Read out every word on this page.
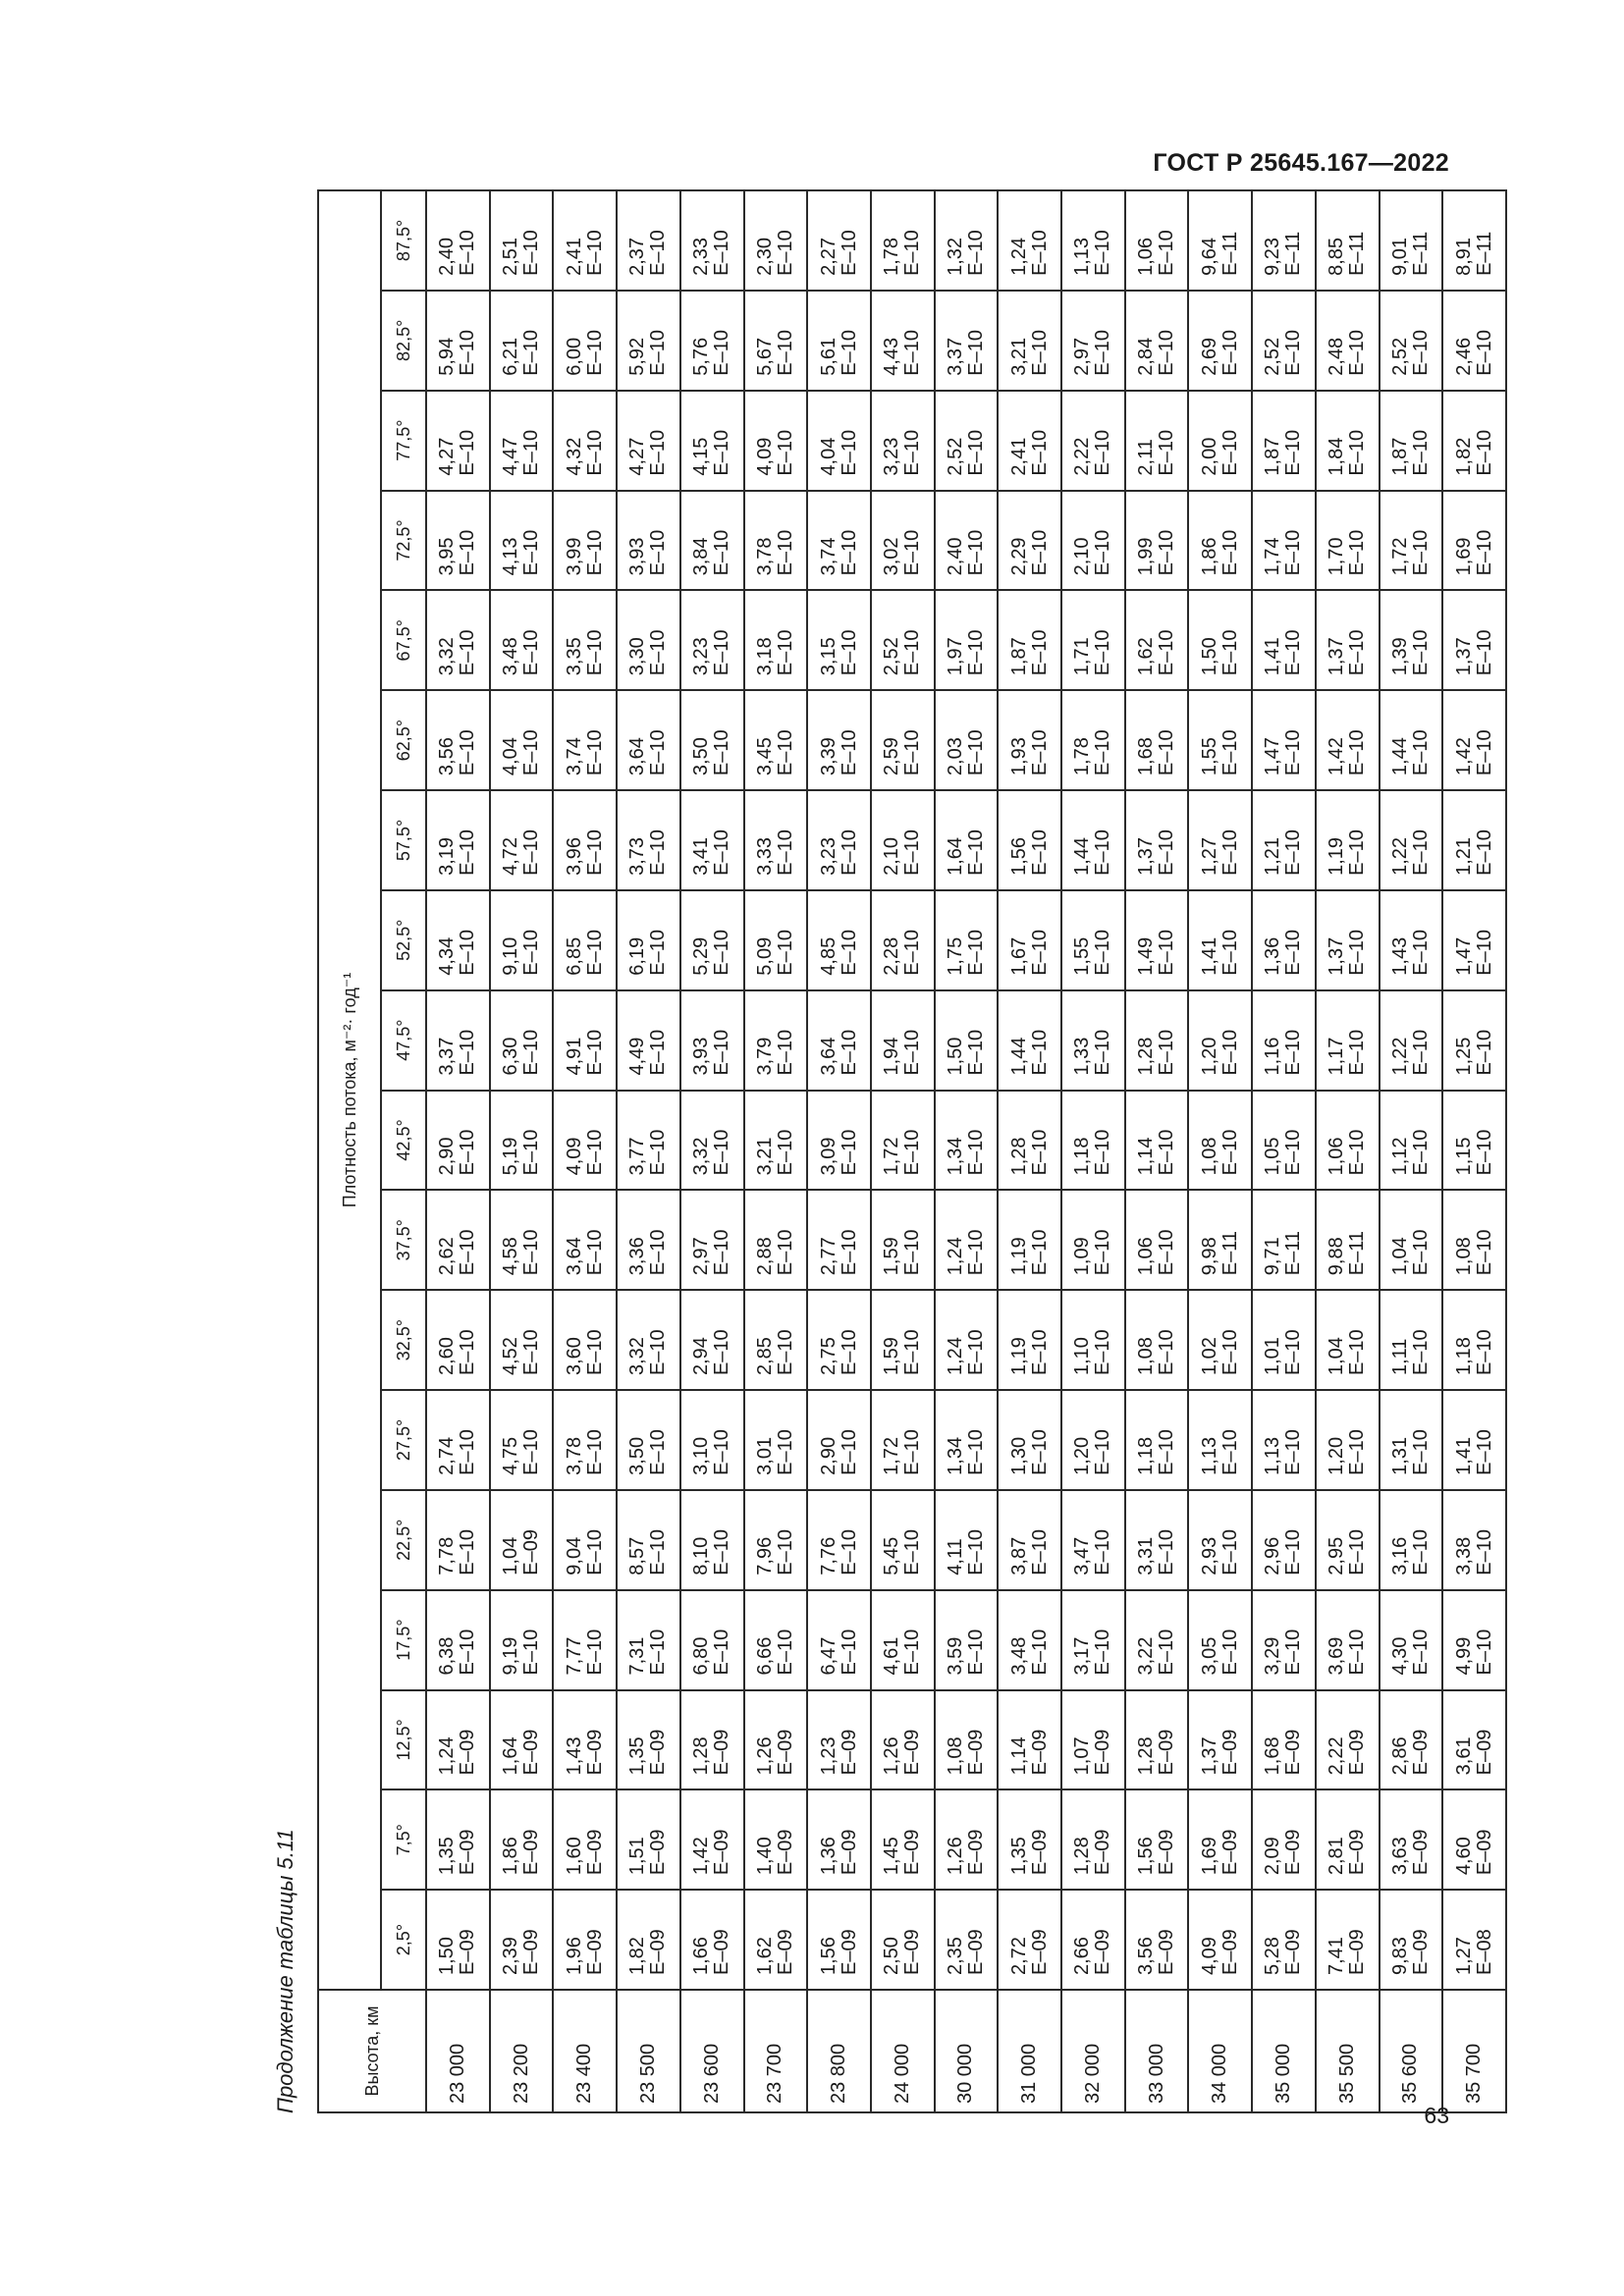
ГОСТ Р 25645.167—2022
Продолжение таблицы 5.11	Высота, км	Плотность потока, м⁻²· год⁻¹																	
	2,5°	7,5°	12,5°	17,5°	22,5°	27,5°	32,5°	37,5°	42,5°	47,5°	52,5°	57,5°	62,5°	67,5°	72,5°	77,5°	82,5°	87,5°
23 000	1,50 E–09	1,35 E–09	1,24 E–09	6,38 E–10	7,78 E–10	2,74 E–10	2,60 E–10	2,62 E–10	2,90 E–10	3,37 E–10	4,34 E–10	3,19 E–10	3,56 E–10	3,32 E–10	3,95 E–10	4,27 E–10	5,94 E–10	2,40 E–10

23 200	2,39 E–09	1,86 E–09	1,64 E–09	9,19 E–10	1,04 E–09	4,75 E–10	4,52 E–10	4,58 E–10	5,19 E–10	6,30 E–10	9,10 E–10	4,72 E–10	4,04 E–10	3,48 E–10	4,13 E–10	4,47 E–10	6,21 E–10	2,51 E–10

23 400	1,96 E–09	1,60 E–09	1,43 E–09	7,77 E–10	9,04 E–10	3,78 E–10	3,60 E–10	3,64 E–10	4,09 E–10	4,91 E–10	6,85 E–10	3,96 E–10	3,74 E–10	3,35 E–10	3,99 E–10	4,32 E–10	6,00 E–10	2,41 E–10

23 500	1,82 E–09	1,51 E–09	1,35 E–09	7,31 E–10	8,57 E–10	3,50 E–10	3,32 E–10	3,36 E–10	3,77 E–10	4,49 E–10	6,19 E–10	3,73 E–10	3,64 E–10	3,30 E–10	3,93 E–10	4,27 E–10	5,92 E–10	2,37 E–10

23 600	1,66 E–09	1,42 E–09	1,28 E–09	6,80 E–10	8,10 E–10	3,10 E–10	2,94 E–10	2,97 E–10	3,32 E–10	3,93 E–10	5,29 E–10	3,41 E–10	3,50 E–10	3,23 E–10	3,84 E–10	4,15 E–10	5,76 E–10	2,33 E–10

23 700	1,62 E–09	1,40 E–09	1,26 E–09	6,66 E–10	7,96 E–10	3,01 E–10	2,85 E–10	2,88 E–10	3,21 E–10	3,79 E–10	5,09 E–10	3,33 E–10	3,45 E–10	3,18 E–10	3,78 E–10	4,09 E–10	5,67 E–10	2,30 E–10

23 800	1,56 E–09	1,36 E–09	1,23 E–09	6,47 E–10	7,76 E–10	2,90 E–10	2,75 E–10	2,77 E–10	3,09 E–10	3,64 E–10	4,85 E–10	3,23 E–10	3,39 E–10	3,15 E–10	3,74 E–10	4,04 E–10	5,61 E–10	2,27 E–10

24 000	2,50 E–09	1,45 E–09	1,26 E–09	4,61 E–10	5,45 E–10	1,72 E–10	1,59 E–10	1,59 E–10	1,72 E–10	1,94 E–10	2,28 E–10	2,10 E–10	2,59 E–10	2,52 E–10	3,02 E–10	3,23 E–10	4,43 E–10	1,78 E–10

30 000	2,35 E–09	1,26 E–09	1,08 E–09	3,59 E–10	4,11 E–10	1,34 E–10	1,24 E–10	1,24 E–10	1,34 E–10	1,50 E–10	1,75 E–10	1,64 E–10	2,03 E–10	1,97 E–10	2,40 E–10	2,52 E–10	3,37 E–10	1,32 E–10

31 000	2,72 E–09	1,35 E–09	1,14 E–09	3,48 E–10	3,87 E–10	1,30 E–10	1,19 E–10	1,19 E–10	1,28 E–10	1,44 E–10	1,67 E–10	1,56 E–10	1,93 E–10	1,87 E–10	2,29 E–10	2,41 E–10	3,21 E–10	1,24 E–10

32 000	2,66 E–09	1,28 E–09	1,07 E–09	3,17 E–10	3,47 E–10	1,20 E–10	1,10 E–10	1,09 E–10	1,18 E–10	1,33 E–10	1,55 E–10	1,44 E–10	1,78 E–10	1,71 E–10	2,10 E–10	2,22 E–10	2,97 E–10	1,13 E–10

33 000	3,56 E–09	1,56 E–09	1,28 E–09	3,22 E–10	3,31 E–10	1,18 E–10	1,08 E–10	1,06 E–10	1,14 E–10	1,28 E–10	1,49 E–10	1,37 E–10	1,68 E–10	1,62 E–10	1,99 E–10	2,11 E–10	2,84 E–10	1,06 E–10

34 000	4,09 E–09	1,69 E–09	1,37 E–09	3,05 E–10	2,93 E–10	1,13 E–10	1,02 E–10	9,98 E–11	1,08 E–10	1,20 E–10	1,41 E–10	1,27 E–10	1,55 E–10	1,50 E–10	1,86 E–10	2,00 E–10	2,69 E–10	9,64 E–11

35 000	5,28 E–09	2,09 E–09	1,68 E–09	3,29 E–10	2,96 E–10	1,13 E–10	1,01 E–10	9,71 E–11	1,05 E–10	1,16 E–10	1,36 E–10	1,21 E–10	1,47 E–10	1,41 E–10	1,74 E–10	1,87 E–10	2,52 E–10	9,23 E–11

35 500	7,41 E–09	2,81 E–09	2,22 E–09	3,69 E–10	2,95 E–10	1,20 E–10	1,04 E–10	9,88 E–11	1,06 E–10	1,17 E–10	1,37 E–10	1,19 E–10	1,42 E–10	1,37 E–10	1,70 E–10	1,84 E–10	2,48 E–10	8,85 E–11

35 600	9,83 E–09	3,63 E–09	2,86 E–09	4,30 E–10	3,16 E–10	1,31 E–10	1,11 E–10	1,04 E–10	1,12 E–10	1,22 E–10	1,43 E–10	1,22 E–10	1,44 E–10	1,39 E–10	1,72 E–10	1,87 E–10	2,52 E–10	9,01 E–11

35 700	1,27 E–08	4,60 E–09	3,61 E–09	4,99 E–10	3,38 E–10	1,41 E–10	1,18 E–10	1,08 E–10	1,15 E–10	1,25 E–10	1,47 E–10	1,21 E–10	1,42 E–10	1,37 E–10	1,69 E–10	1,82 E–10	2,46 E–10	8,91 E–11
63
